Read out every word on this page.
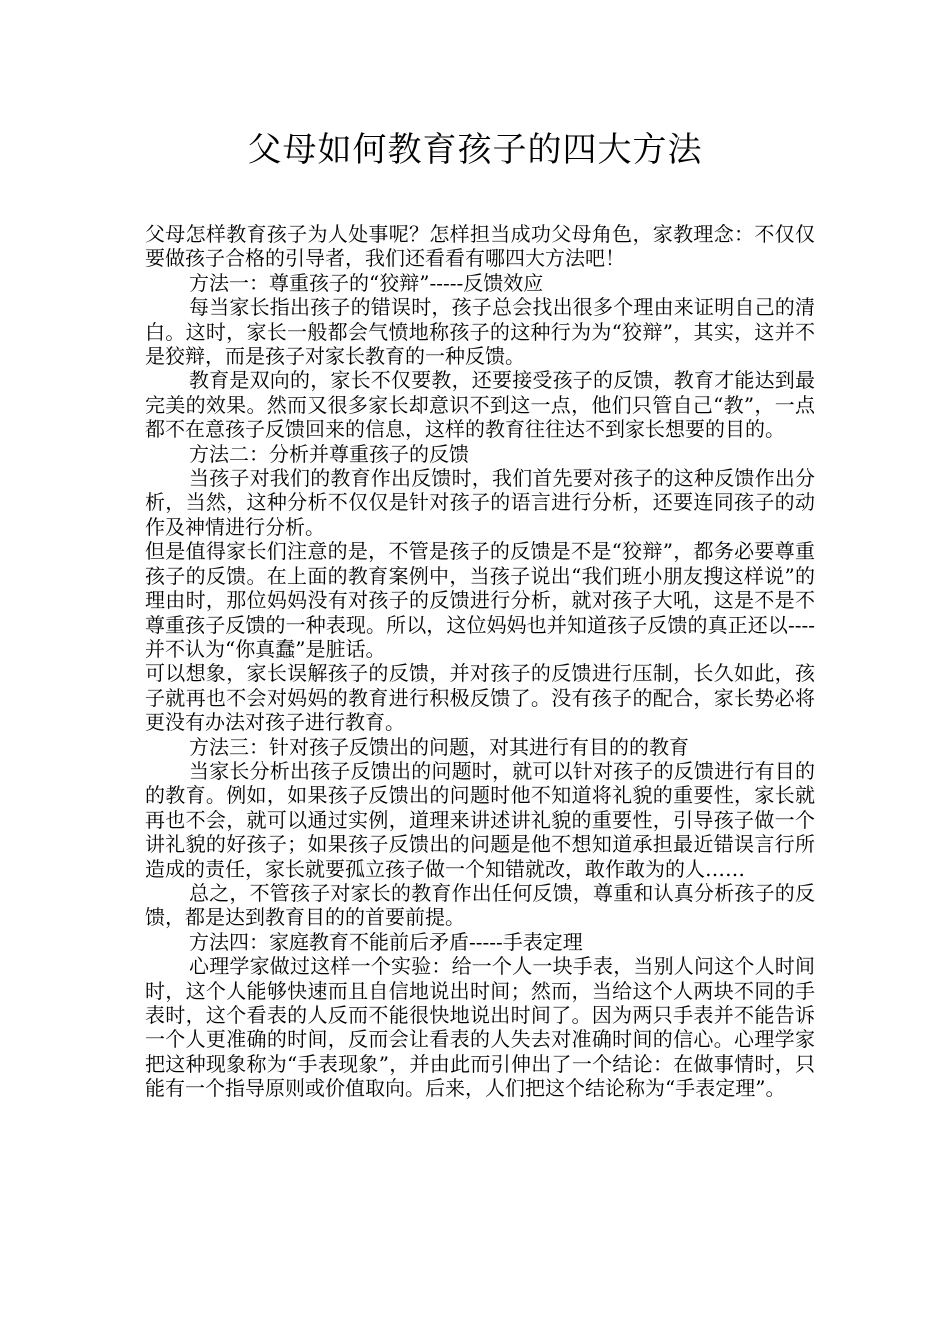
父母如何教育孩子的四大方法

父母怎样教育孩子为人处事呢？怎样担当成功父母角色，家教理念：不仅仅要做孩子合格的引导者，我们还看看有哪四大方法吧！

方法一：尊重孩子的“狡辩”-----反馈效应

每当家长指出孩子的错误时，孩子总会找出很多个理由来证明自己的清白。这时，家长一般都会气愤地称孩子的这种行为为“狡辩”，其实，这并不是狡辩，而是孩子对家长教育的一种反馈。

教育是双向的，家长不仅要教，还要接受孩子的反馈，教育才能达到最完美的效果。然而又很多家长却意识不到这一点，他们只管自己“教”，一点都不在意孩子反馈回来的信息，这样的教育往往达不到家长想要的目的。

方法二：分析并尊重孩子的反馈

当孩子对我们的教育作出反馈时，我们首先要对孩子的这种反馈作出分析，当然，这种分析不仅仅是针对孩子的语言进行分析，还要连同孩子的动作及神情进行分析。

但是值得家长们注意的是，不管是孩子的反馈是不是“狡辩”，都务必要尊重孩子的反馈。在上面的教育案例中，当孩子说出“我们班小朋友搜这样说”的理由时，那位妈妈没有对孩子的反馈进行分析，就对孩子大吼，这是不是不尊重孩子反馈的一种表现。所以，这位妈妈也并知道孩子反馈的真正还以----并不认为“你真蠢”是脏话。

可以想象，家长误解孩子的反馈，并对孩子的反馈进行压制，长久如此，孩子就再也不会对妈妈的教育进行积极反馈了。没有孩子的配合，家长势必将更没有办法对孩子进行教育。

方法三：针对孩子反馈出的问题，对其进行有目的的教育

当家长分析出孩子反馈出的问题时，就可以针对孩子的反馈进行有目的的教育。例如，如果孩子反馈出的问题时他不知道将礼貌的重要性，家长就再也不会，就可以通过实例，道理来讲述讲礼貌的重要性，引导孩子做一个讲礼貌的好孩子；如果孩子反馈出的问题是他不想知道承担最近错误言行所造成的责任，家长就要孤立孩子做一个知错就改，敢作敢为的人……

总之，不管孩子对家长的教育作出任何反馈，尊重和认真分析孩子的反馈，都是达到教育目的的首要前提。

方法四：家庭教育不能前后矛盾-----手表定理

心理学家做过这样一个实验：给一个人一块手表，当别人问这个人时间时，这个人能够快速而且自信地说出时间；然而，当给这个人两块不同的手表时，这个看表的人反而不能很快地说出时间了。因为两只手表并不能告诉一个人更准确的时间，反而会让看表的人失去对准确时间的信心。心理学家把这种现象称为“手表现象”，并由此而引伸出了一个结论：在做事情时，只能有一个指导原则或价值取向。后来，人们把这个结论称为“手表定理”。
